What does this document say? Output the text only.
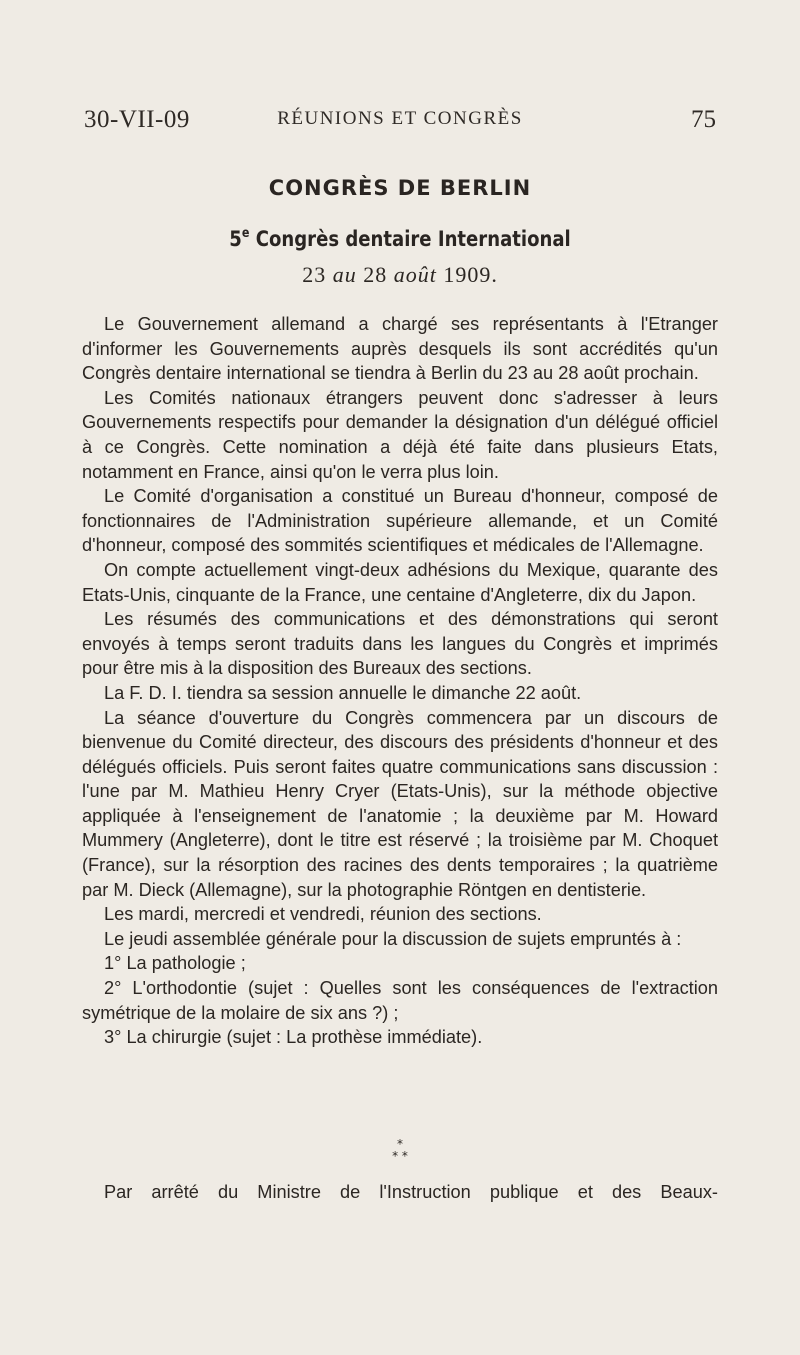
30-VII-09	RÉUNIONS ET CONGRÈS	75
CONGRÈS DE BERLIN
5e Congrès dentaire International
23 au 28 août 1909.

Le Gouvernement allemand a chargé ses représentants à l'Etranger d'informer les Gouvernements auprès desquels ils sont accrédités qu'un Congrès dentaire international se tiendra à Berlin du 23 au 28 août prochain.

Les Comités nationaux étrangers peuvent donc s'adresser à leurs Gouvernements respectifs pour demander la désignation d'un délégué officiel à ce Congrès. Cette nomination a déjà été faite dans plusieurs Etats, notamment en France, ainsi qu'on le verra plus loin.

Le Comité d'organisation a constitué un Bureau d'honneur, composé de fonctionnaires de l'Administration supérieure allemande, et un Comité d'honneur, composé des sommités scientifiques et médicales de l'Allemagne.

On compte actuellement vingt-deux adhésions du Mexique, quarante des Etats-Unis, cinquante de la France, une centaine d'Angleterre, dix du Japon.

Les résumés des communications et des démonstrations qui seront envoyés à temps seront traduits dans les langues du Congrès et imprimés pour être mis à la disposition des Bureaux des sections.

La F. D. I. tiendra sa session annuelle le dimanche 22 août.

La séance d'ouverture du Congrès commencera par un discours de bienvenue du Comité directeur, des discours des présidents d'honneur et des délégués officiels. Puis seront faites quatre communications sans discussion : l'une par M. Mathieu Henry Cryer (Etats-Unis), sur la méthode objective appliquée à l'enseignement de l'anatomie ; la deuxième par M. Howard Mummery (Angleterre), dont le titre est réservé ; la troisième par M. Choquet (France), sur la résorption des racines des dents temporaires ; la quatrième par M. Dieck (Allemagne), sur la photographie Röntgen en dentisterie.

Les mardi, mercredi et vendredi, réunion des sections.

Le jeudi assemblée générale pour la discussion de sujets empruntés à :

1° La pathologie ;

2° L'orthodontie (sujet : Quelles sont les conséquences de l'extraction symétrique de la molaire de six ans ?) ;

3° La chirurgie (sujet : La prothèse immédiate).

*
* *
Par arrêté du Ministre de l'Instruction publique et des Beaux-
